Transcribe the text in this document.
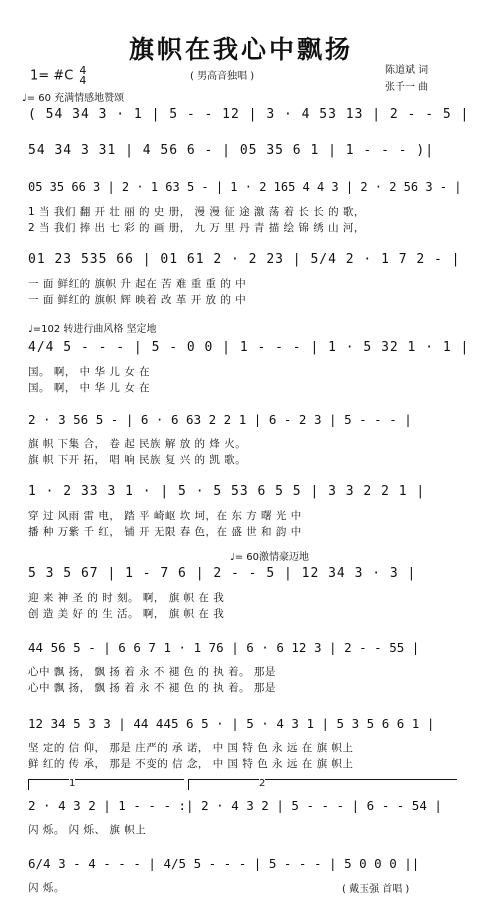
旗帜在我心中飘扬
( 男高音独唱 )
陈道斌 词
张千一 曲
1= #C 4
4
♩= 60 充满情感地赞颂
( 54 34 3 · 1 | 5 - - 12 | 3 · 4 53 13 | 2 - - 5 |
54 34 3 31 | 4 56 6 - | 05 35 6 1 | 1 - - - )|
05 35 66 3 | 2 · 1 63 5 - | 1 · 2 165 4 4 3 | 2 · 2 56 3 - |
1 当 我们 翻 开 壮 丽 的 史 册， 漫 漫 征 途 激 荡 着 长 长 的 歌，
2 当 我们 捧 出 七 彩 的 画 册， 九 万 里 丹 青 描 绘 锦 绣 山 河，
01 23 535 66 | 01 61 2 · 2 23 | 5/4 2 · 1 7 2 - |
一 面 鲜红的 旗帜 升 起在 苦 难 重 重 的 中
一 面 鲜红的 旗帜 辉 映着 改 革 开 放 的 中
♩=102 转进行曲风格 坚定地
4/4 5 - - - | 5 - 0 0 | 1 - - - | 1 · 5 32 1 · 1 |
国。 啊， 中 华 儿 女 在
国。 啊， 中 华 儿 女 在
2 · 3 56 5 - | 6 · 6 63 2 2 1 | 6 - 2 3 | 5 - - - |
旗 帜 下集 合， 卷 起 民族 解 放 的 烽 火。
旗 帜 下开 拓， 唱 响 民族 复 兴 的 凯 歌。
1 · 2 33 3 1 · | 5 · 5 53 6 5 5 | 3 3 2 2 1 |
穿 过 风雨 雷 电， 踏 平 崎岖 坎 坷，在 东 方 曙 光 中
播 种 万紫 千 红， 铺 开 无限 春 色，在 盛 世 和 韵 中
♩= 60激情豪迈地
5 3 5 67 | 1 - 7 6 | 2 - - 5 | 12 34 3 · 3 |
迎 来 神 圣 的 时 刻。 啊， 旗 帜 在 我
创 造 美 好 的 生 活。 啊， 旗 帜 在 我
44 56 5 - | 6 6 7 1 · 1 76 | 6 · 6 12 3 | 2 - - 55 |
心中 飘 扬， 飘 扬 着 永 不 褪 色 的 执 着。 那是
心中 飘 扬， 飘 扬 着 永 不 褪 色 的 执 着。 那是
12 34 5 3 3 | 44 445 6 5 · | 5 · 4 3 1 | 5 3 5 6 6 1 |
坚 定的 信 仰， 那是 庄严的 承 诺， 中 国 特 色 永 远 在 旗 帜上
鲜 红的 传 承， 那是 不变的 信 念， 中 国 特 色 永 远 在 旗 帜上
1	2
2 · 4 3 2 | 1 - - - :| 2 · 4 3 2 | 5 - - - | 6 - - 54 |
闪 烁。 闪 烁、 旗 帜上
6/4 3 - 4 - - - | 4/5 5 - - - | 5 - - - | 5 0 0 0 ||
闪 烁。	( 戴玉强 首唱 )
